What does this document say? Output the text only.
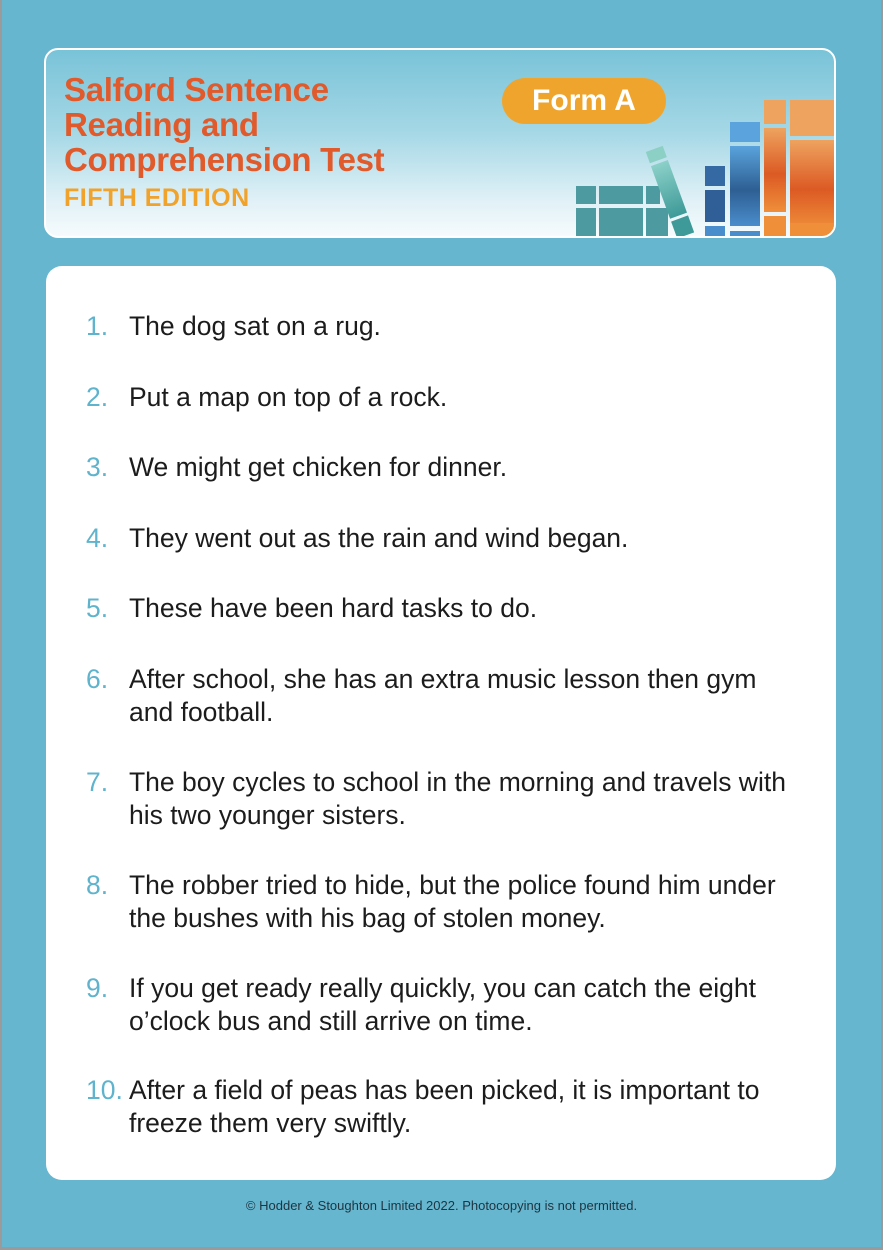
Salford Sentence
Reading and
Comprehension Test
FIFTH EDITION
Form A
1. The dog sat on a rug.
2. Put a map on top of a rock.
3. We might get chicken for dinner.
4. They went out as the rain and wind began.
5. These have been hard tasks to do.
6. After school, she has an extra music lesson then gym and football.
7. The boy cycles to school in the morning and travels with his two younger sisters.
8. The robber tried to hide, but the police found him under the bushes with his bag of stolen money.
9. If you get ready really quickly, you can catch the eight o’clock bus and still arrive on time.
10. After a field of peas has been picked, it is important to freeze them very swiftly.
© Hodder & Stoughton Limited 2022. Photocopying is not permitted.
